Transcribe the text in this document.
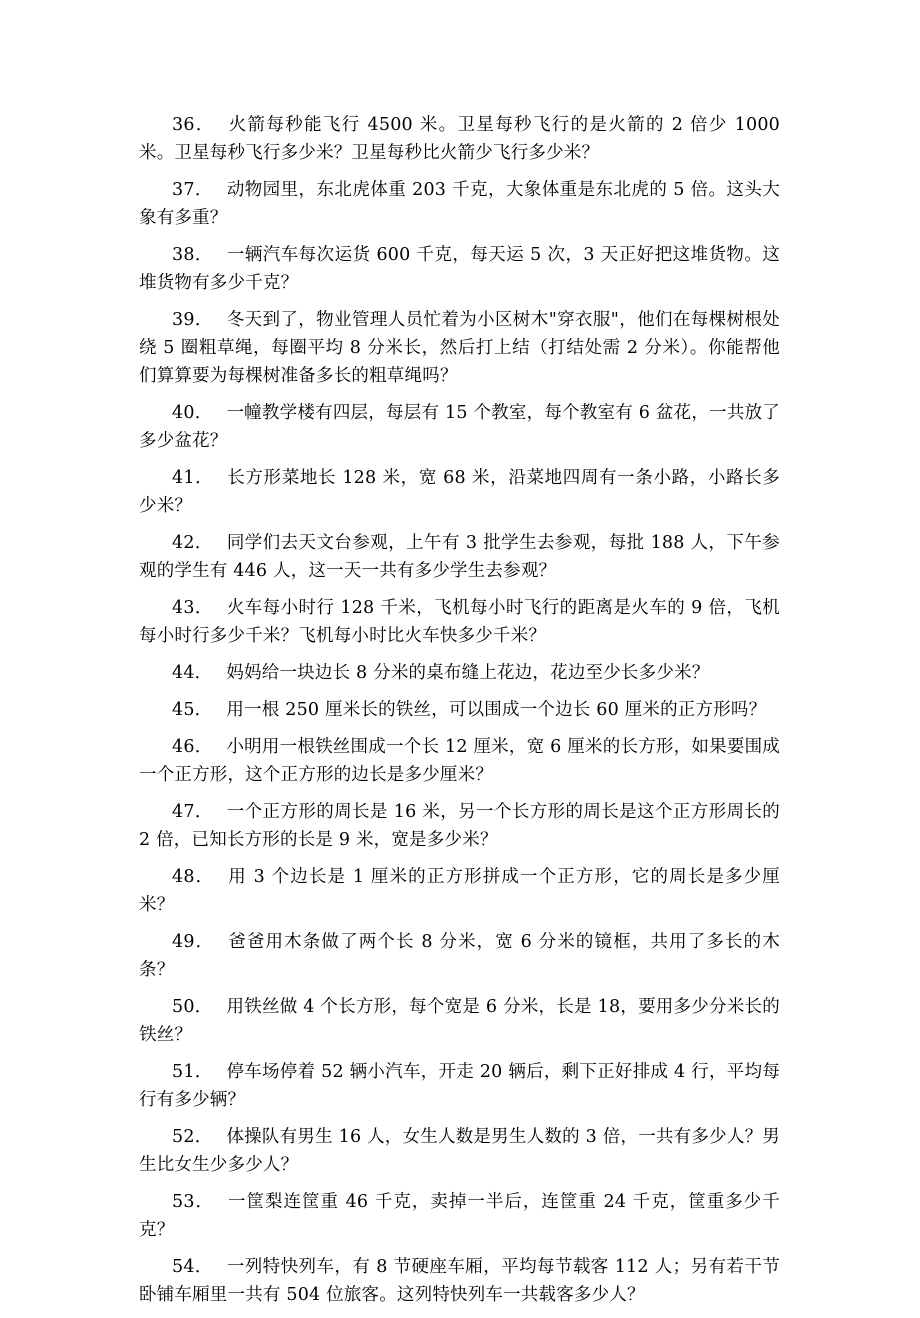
36． 火箭每秒能飞行 4500 米。卫星每秒飞行的是火箭的 2 倍少 1000 米。卫星每秒飞行多少米？卫星每秒比火箭少飞行多少米？
37． 动物园里，东北虎体重 203 千克，大象体重是东北虎的 5 倍。这头大象有多重？
38． 一辆汽车每次运货 600 千克，每天运 5 次，3 天正好把这堆货物。这堆货物有多少千克？
39． 冬天到了，物业管理人员忙着为小区树木"穿衣服"，他们在每棵树根处绕 5 圈粗草绳，每圈平均 8 分米长，然后打上结（打结处需 2 分米）。你能帮他们算算要为每棵树准备多长的粗草绳吗？
40． 一幢教学楼有四层，每层有 15 个教室，每个教室有 6 盆花，一共放了多少盆花？
41． 长方形菜地长 128 米，宽 68 米，沿菜地四周有一条小路，小路长多少米？
42． 同学们去天文台参观，上午有 3 批学生去参观，每批 188 人，下午参观的学生有 446 人，这一天一共有多少学生去参观？
43． 火车每小时行 128 千米，飞机每小时飞行的距离是火车的 9 倍，飞机每小时行多少千米？飞机每小时比火车快多少千米？
44． 妈妈给一块边长 8 分米的桌布缝上花边，花边至少长多少米？
45． 用一根 250 厘米长的铁丝，可以围成一个边长 60 厘米的正方形吗？
46． 小明用一根铁丝围成一个长 12 厘米，宽 6 厘米的长方形，如果要围成一个正方形，这个正方形的边长是多少厘米？
47． 一个正方形的周长是 16 米，另一个长方形的周长是这个正方形周长的 2 倍，已知长方形的长是 9 米，宽是多少米？
48． 用 3 个边长是 1 厘米的正方形拼成一个正方形，它的周长是多少厘米？
49． 爸爸用木条做了两个长 8 分米，宽 6 分米的镜框，共用了多长的木条？
50． 用铁丝做 4 个长方形，每个宽是 6 分米，长是 18，要用多少分米长的铁丝？
51． 停车场停着 52 辆小汽车，开走 20 辆后，剩下正好排成 4 行，平均每行有多少辆？
52． 体操队有男生 16 人，女生人数是男生人数的 3 倍，一共有多少人？男生比女生少多少人？
53． 一筐梨连筐重 46 千克，卖掉一半后，连筐重 24 千克，筐重多少千克？
54． 一列特快列车，有 8 节硬座车厢，平均每节载客 112 人；另有若干节卧铺车厢里一共有 504 位旅客。这列特快列车一共载客多少人？
